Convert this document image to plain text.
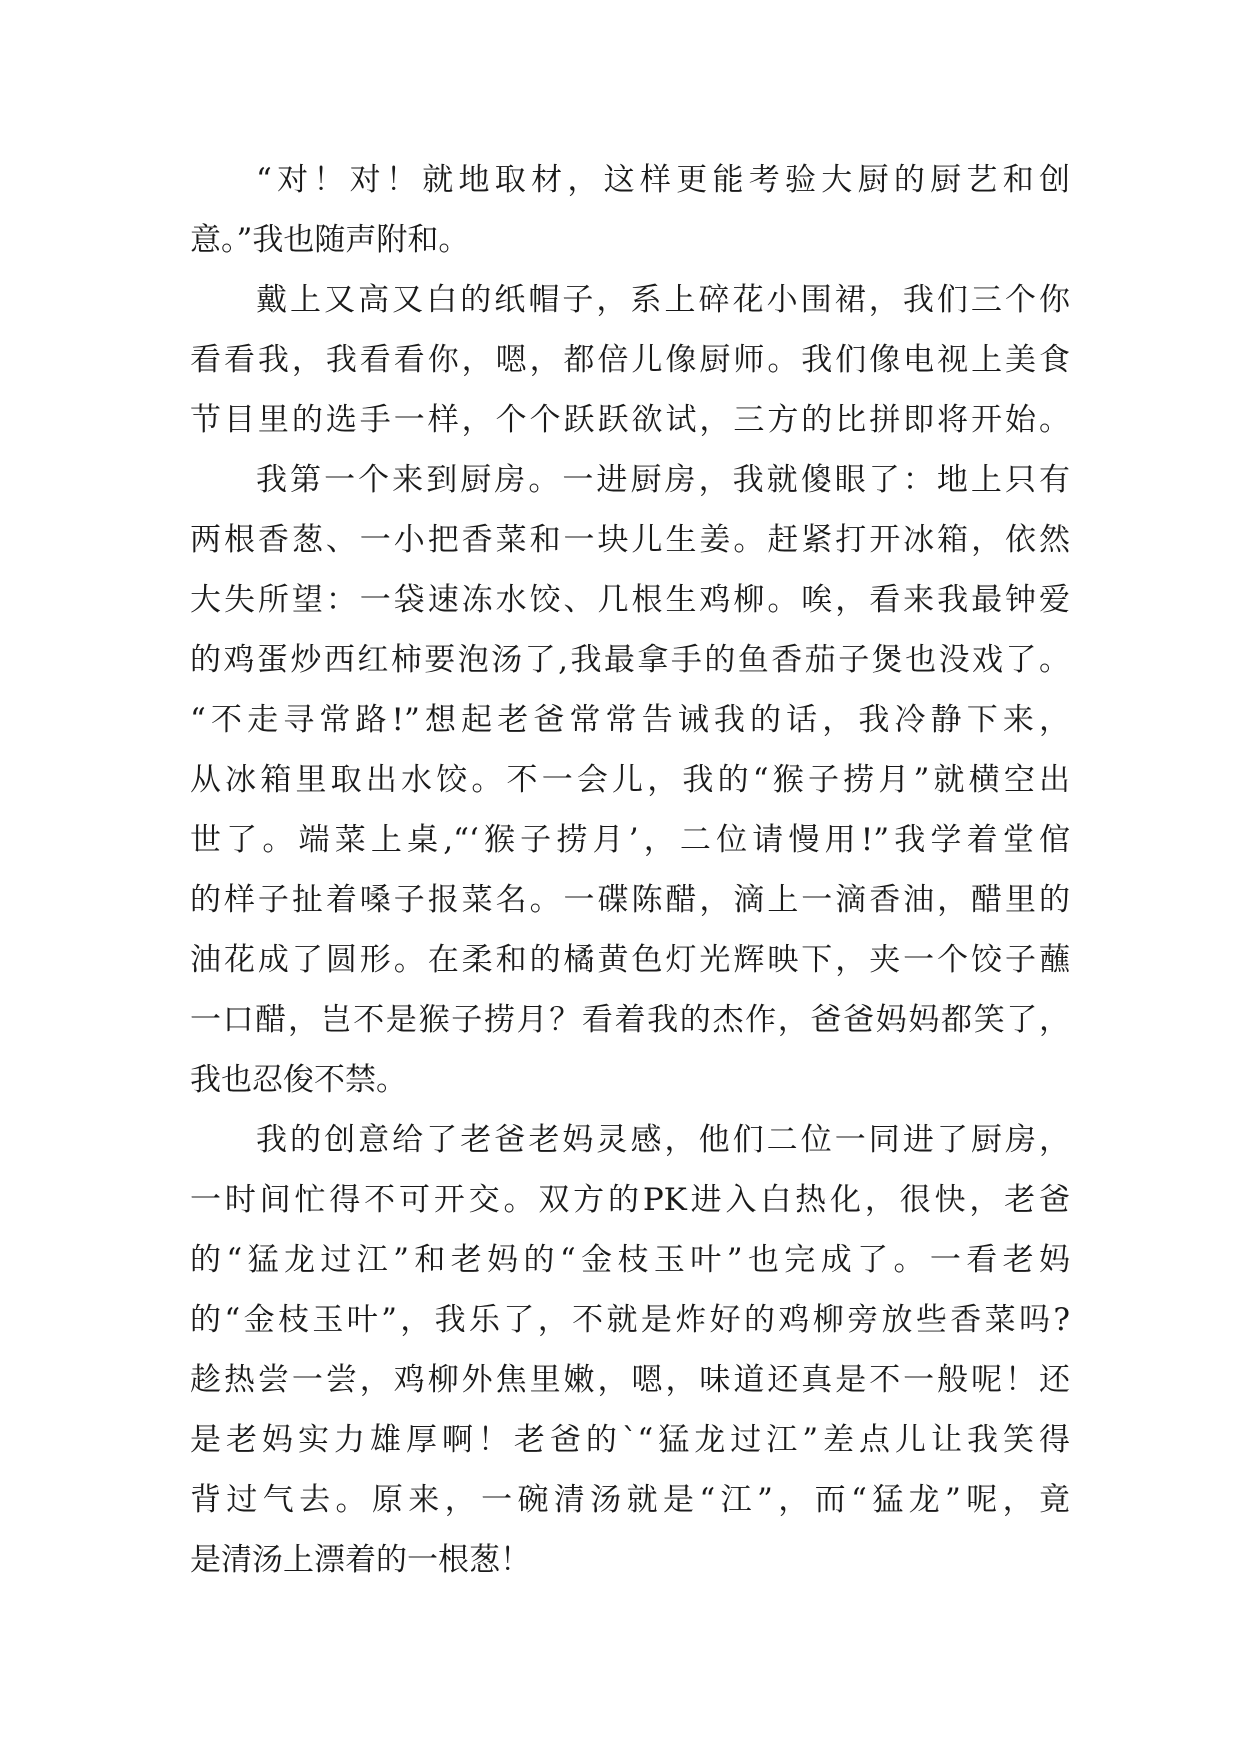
“对！对！就地取材，这样更能考验大厨的厨艺和创
意。”我也随声附和。
戴上又高又白的纸帽子，系上碎花小围裙，我们三个你
看看我，我看看你，嗯，都倍儿像厨师。我们像电视上美食
节目里的选手一样，个个跃跃欲试，三方的比拼即将开始。
我第一个来到厨房。一进厨房，我就傻眼了：地上只有
两根香葱、一小把香菜和一块儿生姜。赶紧打开冰箱，依然
大失所望：一袋速冻水饺、几根生鸡柳。唉，看来我最钟爱
的鸡蛋炒西红柿要泡汤了,我最拿手的鱼香茄子煲也没戏了。
“不走寻常路!”想起老爸常常告诫我的话，我冷静下来，
从冰箱里取出水饺。不一会儿，我的“猴子捞月”就横空出
世了。端菜上桌,“‘猴子捞月’，二位请慢用!”我学着堂倌
的样子扯着嗓子报菜名。一碟陈醋，滴上一滴香油，醋里的
油花成了圆形。在柔和的橘黄色灯光辉映下，夹一个饺子蘸
一口醋，岂不是猴子捞月？看着我的杰作，爸爸妈妈都笑了，
我也忍俊不禁。
我的创意给了老爸老妈灵感，他们二位一同进了厨房，
一时间忙得不可开交。双方的PK进入白热化，很快，老爸
的“猛龙过江”和老妈的“金枝玉叶”也完成了。一看老妈
的“金枝玉叶”，我乐了，不就是炸好的鸡柳旁放些香菜吗?
趁热尝一尝，鸡柳外焦里嫩，嗯，味道还真是不一般呢！还
是老妈实力雄厚啊！老爸的`“猛龙过江”差点儿让我笑得
背过气去。原来，一碗清汤就是“江”，而“猛龙”呢，竟
是清汤上漂着的一根葱！
